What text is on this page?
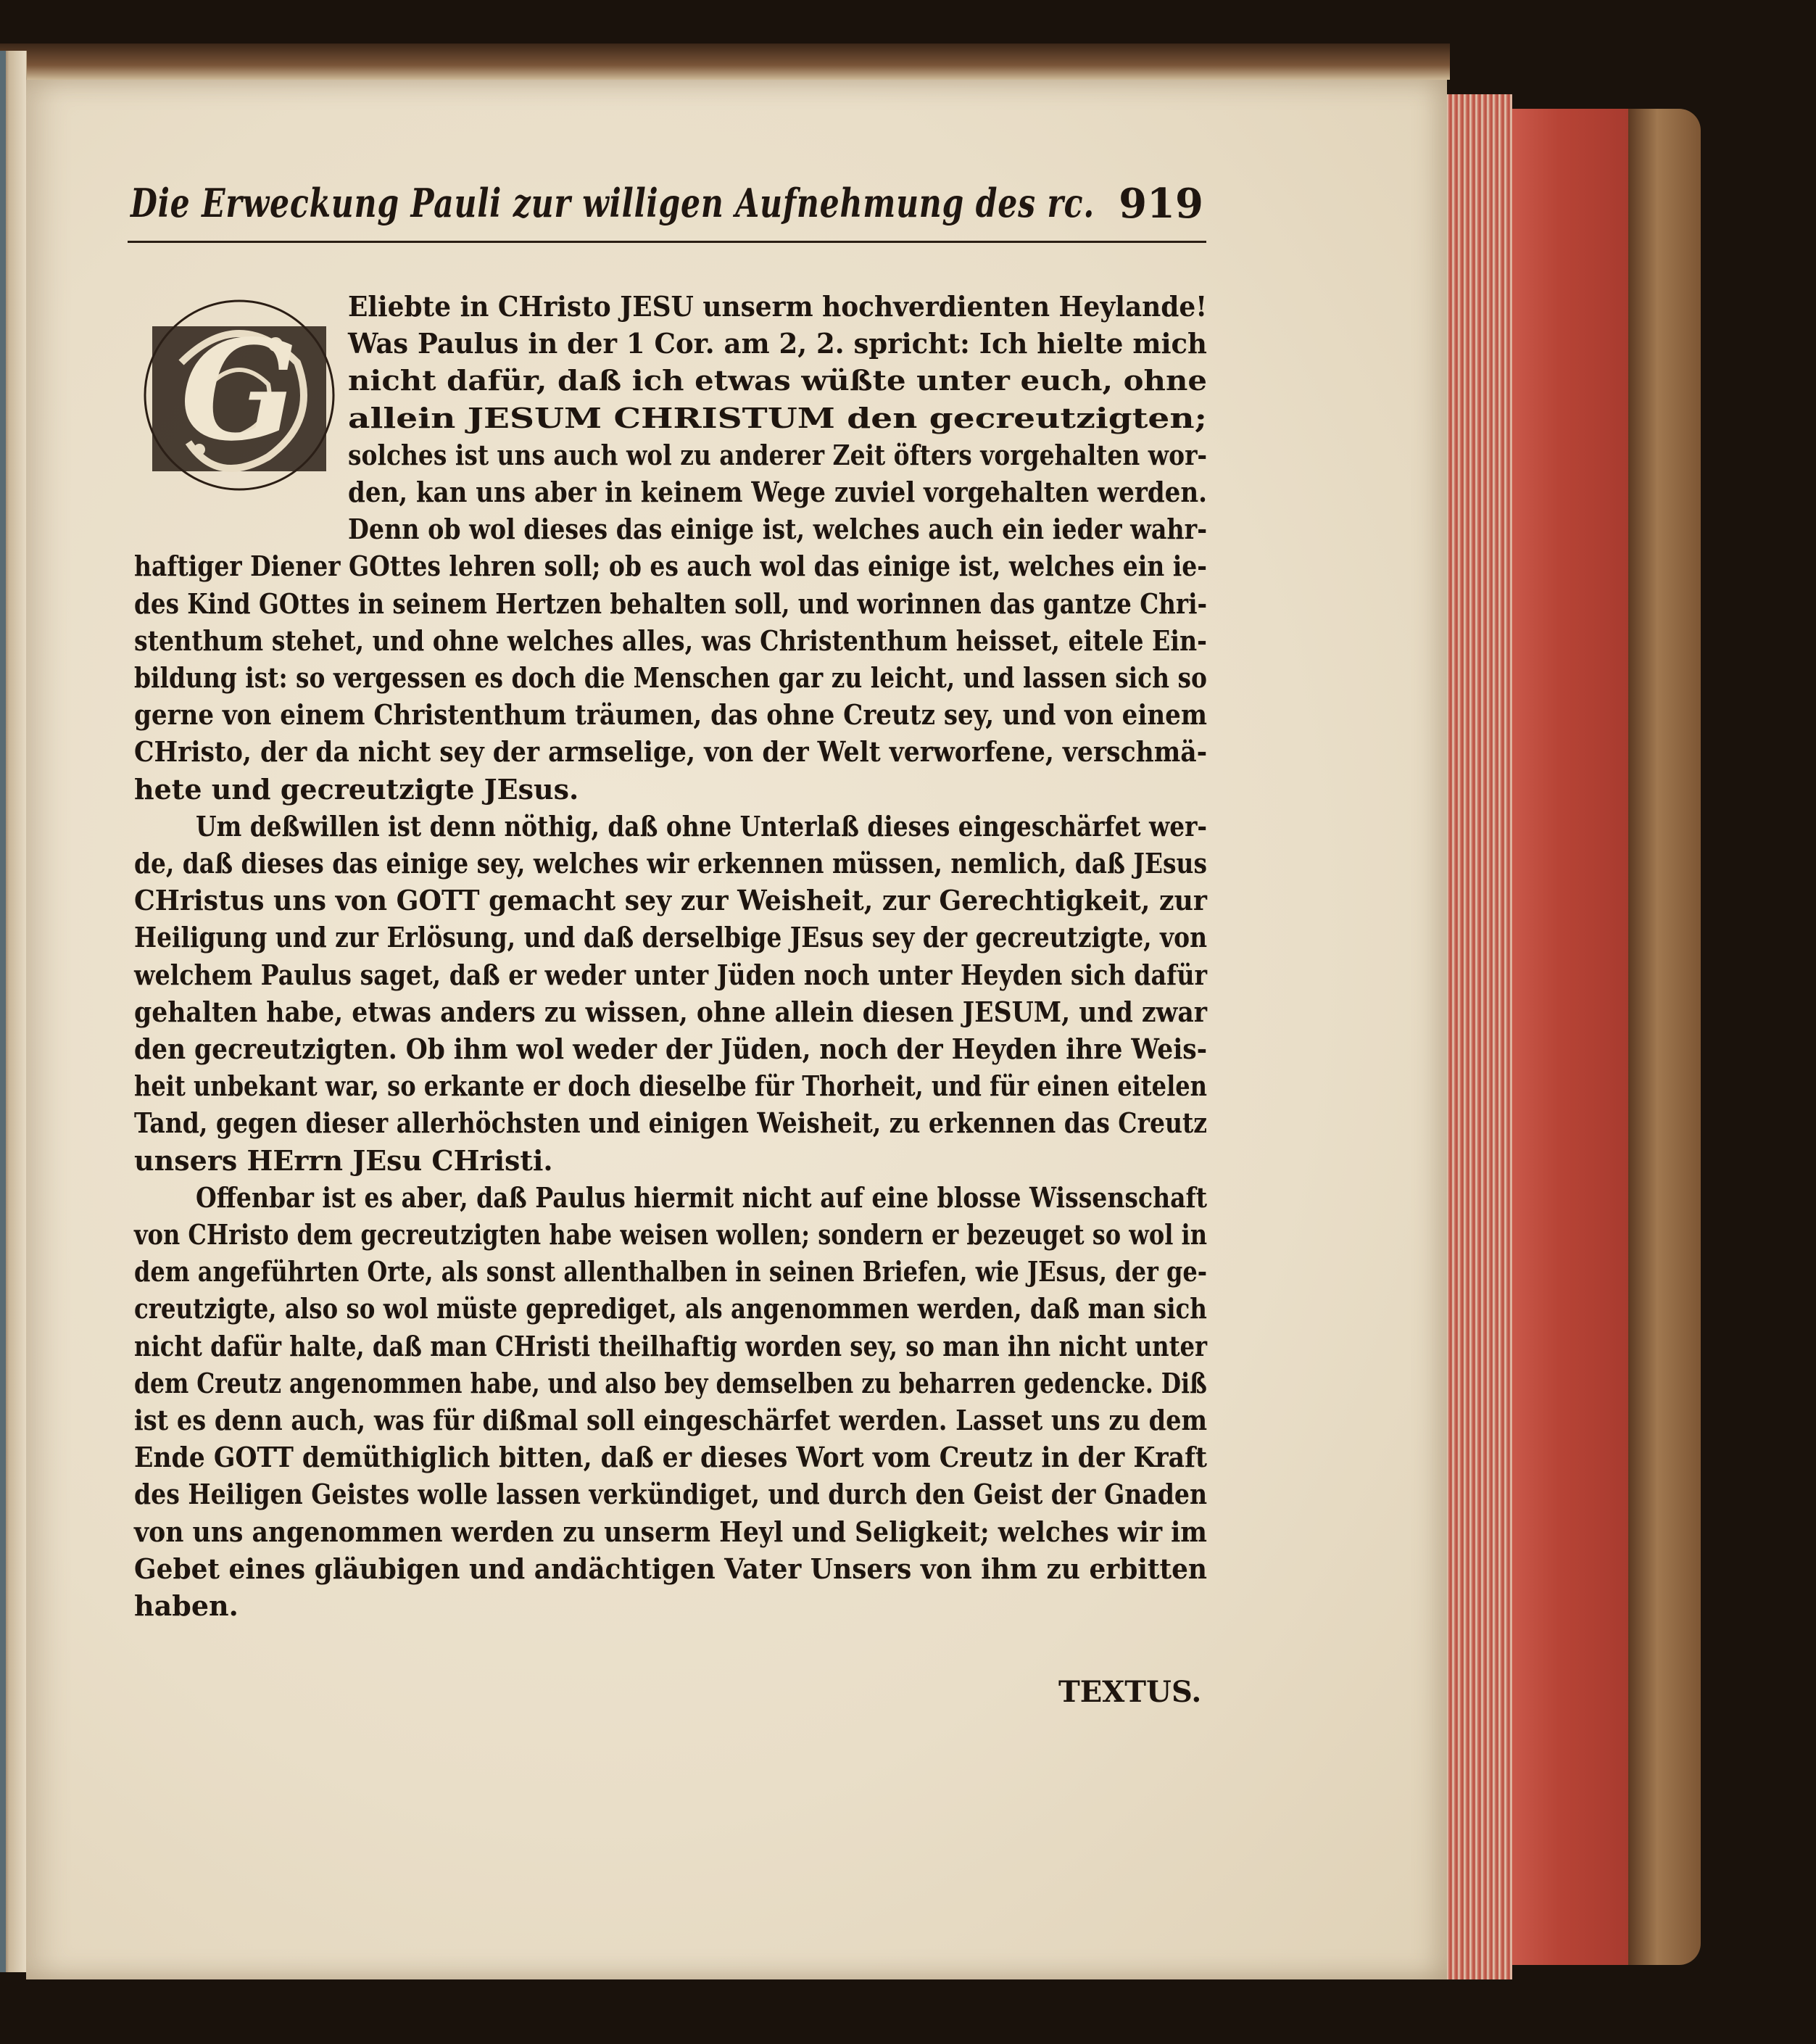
Die Erweckung Pauli zur willigen Aufnehmung des rc. 919
G
Eliebte in CHristo JESU unserm hochverdienten Heylande!
Was Paulus in der 1 Cor. am 2, 2. spricht: Ich hielte mich
nicht dafür, daß ich etwas wüßte unter euch, ohne
allein JESUM CHRISTUM den gecreutzigten;
solches ist uns auch wol zu anderer Zeit öfters vorgehalten wor-
den, kan uns aber in keinem Wege zuviel vorgehalten werden.
Denn ob wol dieses das einige ist, welches auch ein ieder wahr-
haftiger Diener GOttes lehren soll; ob es auch wol das einige ist, welches ein ie-
des Kind GOttes in seinem Hertzen behalten soll, und worinnen das gantze Chri-
stenthum stehet, und ohne welches alles, was Christenthum heisset, eitele Ein-
bildung ist: so vergessen es doch die Menschen gar zu leicht, und lassen sich so
gerne von einem Christenthum träumen, das ohne Creutz sey, und von einem
CHristo, der da nicht sey der armselige, von der Welt verworfene, verschmä-
hete und gecreutzigte JEsus.
Um deßwillen ist denn nöthig, daß ohne Unterlaß dieses eingeschärfet wer-
de, daß dieses das einige sey, welches wir erkennen müssen, nemlich, daß JEsus
CHristus uns von GOTT gemacht sey zur Weisheit, zur Gerechtigkeit, zur
Heiligung und zur Erlösung, und daß derselbige JEsus sey der gecreutzigte, von
welchem Paulus saget, daß er weder unter Jüden noch unter Heyden sich dafür
gehalten habe, etwas anders zu wissen, ohne allein diesen JESUM, und zwar
den gecreutzigten. Ob ihm wol weder der Jüden, noch der Heyden ihre Weis-
heit unbekant war, so erkante er doch dieselbe für Thorheit, und für einen eitelen
Tand, gegen dieser allerhöchsten und einigen Weisheit, zu erkennen das Creutz
unsers HErrn JEsu CHristi.
Offenbar ist es aber, daß Paulus hiermit nicht auf eine blosse Wissenschaft
von CHristo dem gecreutzigten habe weisen wollen; sondern er bezeuget so wol in
dem angeführten Orte, als sonst allenthalben in seinen Briefen, wie JEsus, der ge-
creutzigte, also so wol müste geprediget, als angenommen werden, daß man sich
nicht dafür halte, daß man CHristi theilhaftig worden sey, so man ihn nicht unter
dem Creutz angenommen habe, und also bey demselben zu beharren gedencke. Diß
ist es denn auch, was für dißmal soll eingeschärfet werden. Lasset uns zu dem
Ende GOTT demüthiglich bitten, daß er dieses Wort vom Creutz in der Kraft
des Heiligen Geistes wolle lassen verkündiget, und durch den Geist der Gnaden
von uns angenommen werden zu unserm Heyl und Seligkeit; welches wir im
Gebet eines gläubigen und andächtigen Vater Unsers von ihm zu erbitten
haben.
TEXTUS.
